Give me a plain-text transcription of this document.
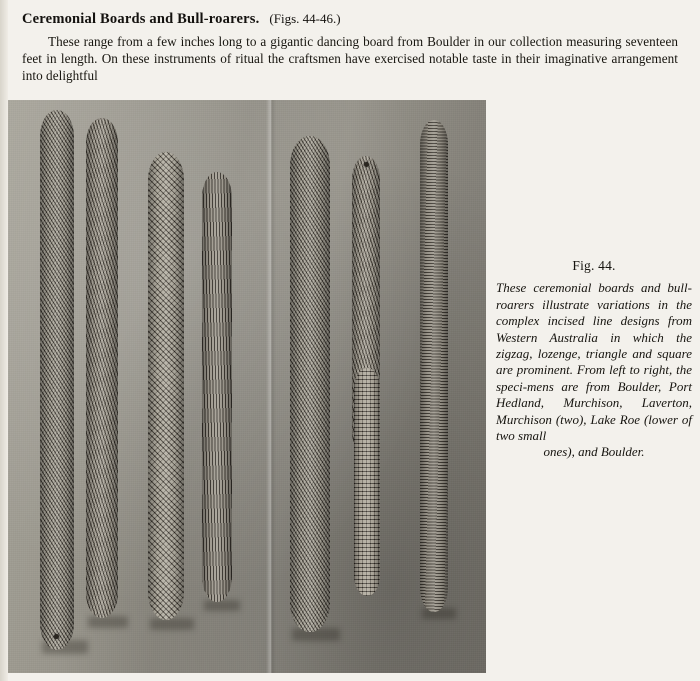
Ceremonial Boards and Bull-roarers. (Figs. 44-46.)
These range from a few inches long to a gigantic dancing board from Boulder in our collection measuring seventeen feet in length. On these instruments of ritual the craftsmen have exercised notable taste in their imaginative arrangement into delightful
Fig. 44.
These ceremonial boards and bull-roarers illustrate variations in the complex incised line designs from Western Australia in which the zigzag, lozenge, triangle and square are prominent. From left to right, the speci-mens are from Boulder, Port Hedland, Murchison, Laverton, Murchison (two), Lake Roe (lower of two small
ones), and Boulder.
